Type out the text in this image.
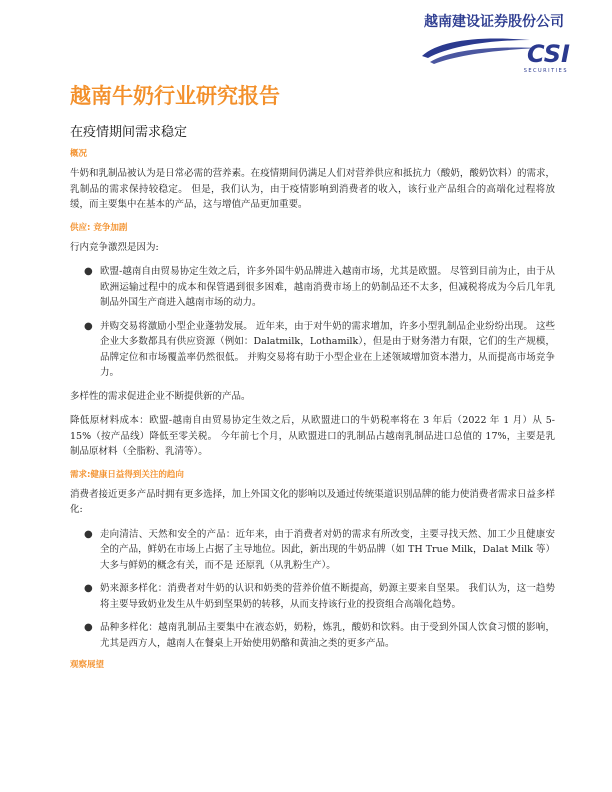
越南建设证券股份公司
CSI
SECURITIES
越南牛奶行业研究报告
在疫情期间需求稳定
概况

牛奶和乳制品被认为是日常必需的营养素。在疫情期间仍满足人们对营养供应和抵抗力（酸奶，酸奶饮料）的需求，乳制品的需求保持较稳定。 但是，我们认为，由于疫情影响到消费者的收入，该行业产品组合的高端化过程将放缓，而主要集中在基本的产品，这与增值产品更加重要。

供应: 竞争加剧

行内竞争激烈是因为:

● 欧盟-越南自由贸易协定生效之后，许多外国牛奶品牌进入越南市场，尤其是欧盟。 尽管到目前为止，由于从欧洲运输过程中的成本和保管遇到很多困难，越南消费市场上的奶制品还不太多，但减税将成为今后几年乳制品外国生产商进入越南市场的动力。
● 并购交易将激励小型企业蓬勃发展。 近年来，由于对牛奶的需求增加，许多小型乳制品企业纷纷出现。 这些企业大多数都具有供应资源（例如：Dalatmilk，Lothamilk），但是由于财务潜力有限，它们的生产规模，品牌定位和市场覆盖率仍然很低。 并购交易将有助于小型企业在上述领域增加资本潜力，从而提高市场竞争力。

多样性的需求促进企业不断提供新的产品。

降低原材料成本：欧盟-越南自由贸易协定生效之后，从欧盟进口的牛奶税率将在 3 年后（2022 年 1 月）从 5-15%（按产品线）降低至零关税。 今年前七个月，从欧盟进口的乳制品占越南乳制品进口总值的 17%，主要是乳制品原材料（全脂粉、乳清等）。

需求:健康日益得到关注的趋向

消费者接近更多产品时拥有更多选择，加上外国文化的影响以及通过传统渠道识别品牌的能力使消费者需求日益多样化:

● 走向清洁、天然和安全的产品：近年来，由于消费者对奶的需求有所改变，主要寻找天然、加工少且健康安全的产品，鲜奶在市场上占据了主导地位。因此，新出现的牛奶品牌（如 TH True Milk，Dalat Milk 等）大多与鲜奶的概念有关，而不是 还原乳（从乳粉生产）。
● 奶来源多样化：消费者对牛奶的认识和奶类的营养价值不断提高，奶源主要来自坚果。 我们认为，这一趋势将主要导致奶业发生从牛奶到坚果奶的转移，从而支持该行业的投资组合高端化趋势。
● 品种多样化：越南乳制品主要集中在液态奶，奶粉，炼乳，酸奶和饮料。由于受到外国人饮食习惯的影响，尤其是西方人，越南人在餐桌上开始使用奶酪和黄油之类的更多产品。
观察展望
